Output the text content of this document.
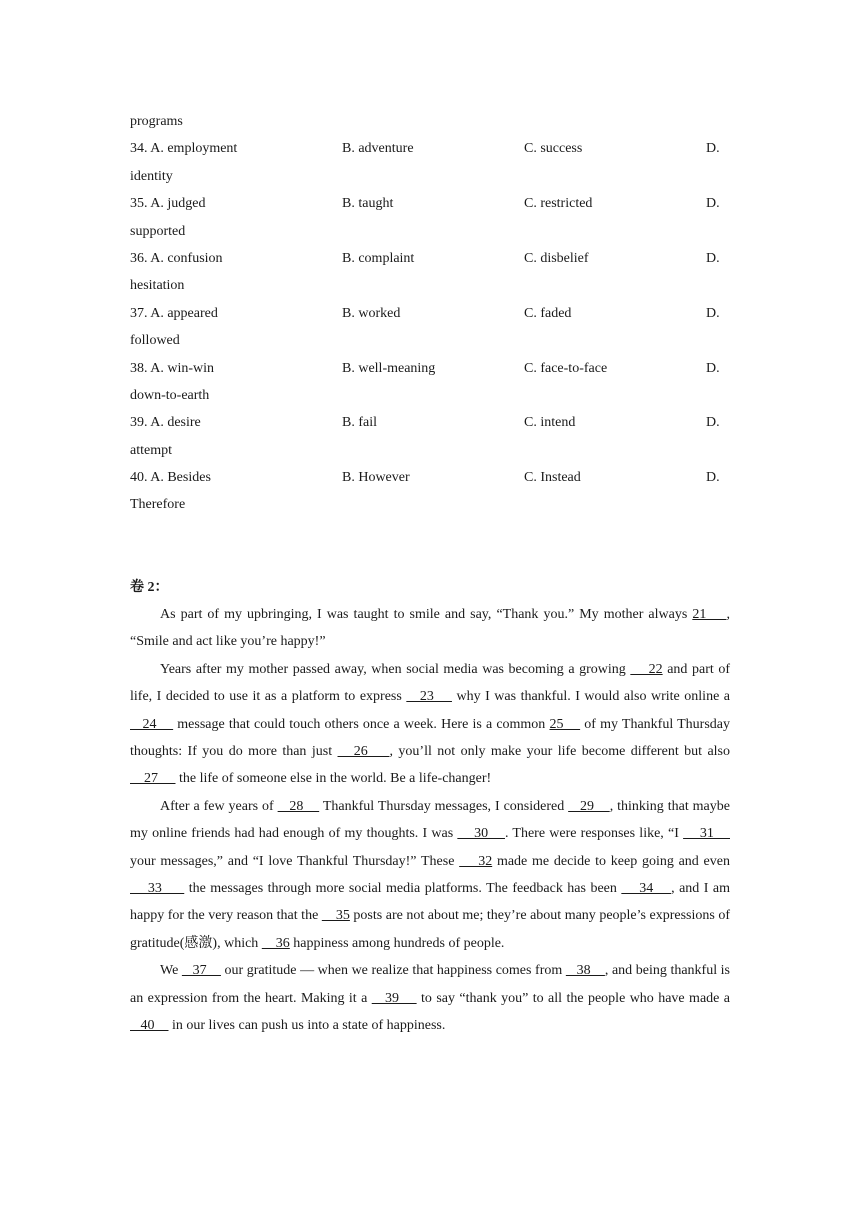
programs
34. A. employment	B. adventure	C. success	D.
identity
35. A. judged	B. taught	C. restricted	D.
supported
36. A. confusion	B. complaint	C. disbelief	D.
hesitation
37. A. appeared	B. worked	C. faded	D.
followed
38. A. win-win	B. well-meaning	C. face-to-face	D.
down-to-earth
39. A. desire	B. fail	C. intend	D.
attempt
40. A. Besides	B. However	C. Instead	D.
Therefore
卷 2：

As part of my upbringing, I was taught to smile and say, “Thank you.” My mother always 21    , “Smile and act like you’re happy!”

Years after my mother passed away, when social media was becoming a growing     22 and part of life, I decided to use it as a platform to express    23     why I was thankful. I would also write online a    24     message that could touch others once a week. Here is a common 25     of my Thankful Thursday thoughts: If you do more than just    26    , you’ll not only make your life become different but also     27      the life of someone else in the world. Be a life-changer!

After a few years of    28     Thankful Thursday messages, I considered    29    , thinking that maybe my online friends had had enough of my thoughts. I was     30    . There were responses like, “I     31     your messages,” and “I love Thankful Thursday!” These     32 made me decide to keep going and even     33      the messages through more social media platforms. The feedback has been     34    , and I am happy for the very reason that the     35 posts are not about me; they’re about many people’s expressions of gratitude(感激), which     36 happiness among hundreds of people.

We    37     our gratitude — when we realize that happiness comes from    38    , and being thankful is an expression from the heart. Making it a    39     to say “thank you” to all the people who have made a    40     in our lives can push us into a state of happiness.
